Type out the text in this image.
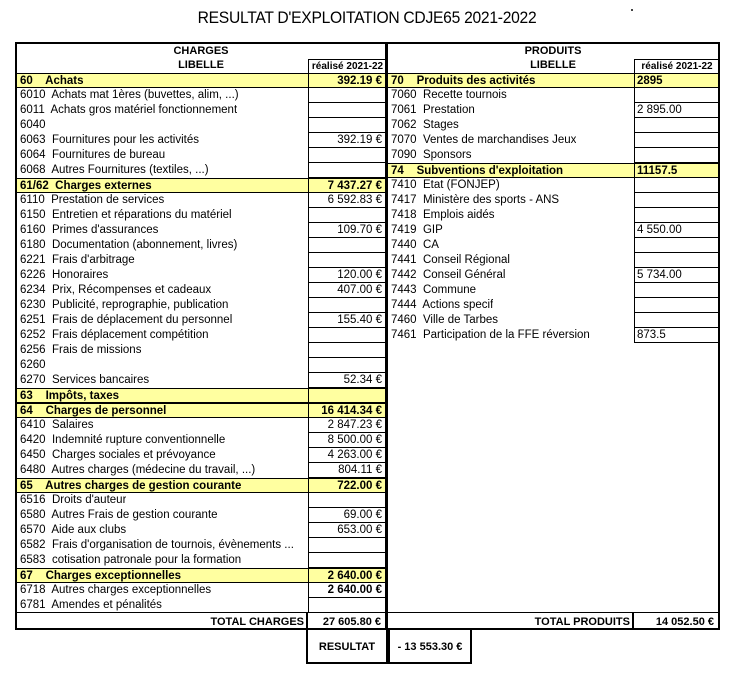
RESULTAT D'EXPLOITATION CDJE65 2021-2022
CHARGES
LIBELLE	réalisé 2021-22
60    Achats	392.19 €
6010  Achats mat 1ères (buvettes, alim, ...)
6011  Achats gros matériel fonctionnement
6040
6063  Fournitures pour les activités	392.19 €
6064  Fournitures de bureau
6068  Autres Fournitures (textiles, ...)
61/62  Charges externes	7 437.27 €
6110  Prestation de services	6 592.83 €
6150  Entretien et réparations du matériel
6160  Primes d'assurances	109.70 €
6180  Documentation (abonnement, livres)
6221  Frais d'arbitrage
6226  Honoraires	120.00 €
6234  Prix, Récompenses et cadeaux	407.00 €
6230  Publicité, reprographie, publication
6251  Frais de déplacement du personnel	155.40 €
6252  Frais déplacement compétition
6256  Frais de missions
6260
6270  Services bancaires	52.34 €
63    Impôts, taxes
64    Charges de personnel	16 414.34 €
6410  Salaires	2 847.23 €
6420  Indemnité rupture conventionnelle	8 500.00 €
6450  Charges sociales et prévoyance	4 263.00 €
6480  Autres charges (médecine du travail, ...)	804.11 €
65    Autres charges de gestion courante	722.00 €
6516  Droits d'auteur
6580  Autres Frais de gestion courante	69.00 €
6570  Aide aux clubs	653.00 €
6582  Frais d'organisation de tournois, évènements ...
6583  cotisation patronale pour la formation
67    Charges exceptionnelles	2 640.00 €
6718  Autres charges exceptionnelles	2 640.00 €
6781  Amendes et pénalités
PRODUITS
LIBELLE	réalisé 2021-22
70    Produits des activités	2895
7060  Recette tournois
7061  Prestation	2 895.00
7062  Stages
7070  Ventes de marchandises Jeux
7090  Sponsors
74    Subventions d'exploitation	11157.5
7410  Etat (FONJEP)
7417  Ministère des sports - ANS
7418  Emplois aidés
7419  GIP	4 550.00
7440  CA
7441  Conseil Régional
7442  Conseil Général	5 734.00
7443  Commune
7444  Actions specif
7460  Ville de Tarbes
7461  Participation de la FFE réversion	873.5
TOTAL CHARGES	27 605.80 €	TOTAL PRODUITS	14 052.50 €
RESULTAT	- 13 553.30 €
